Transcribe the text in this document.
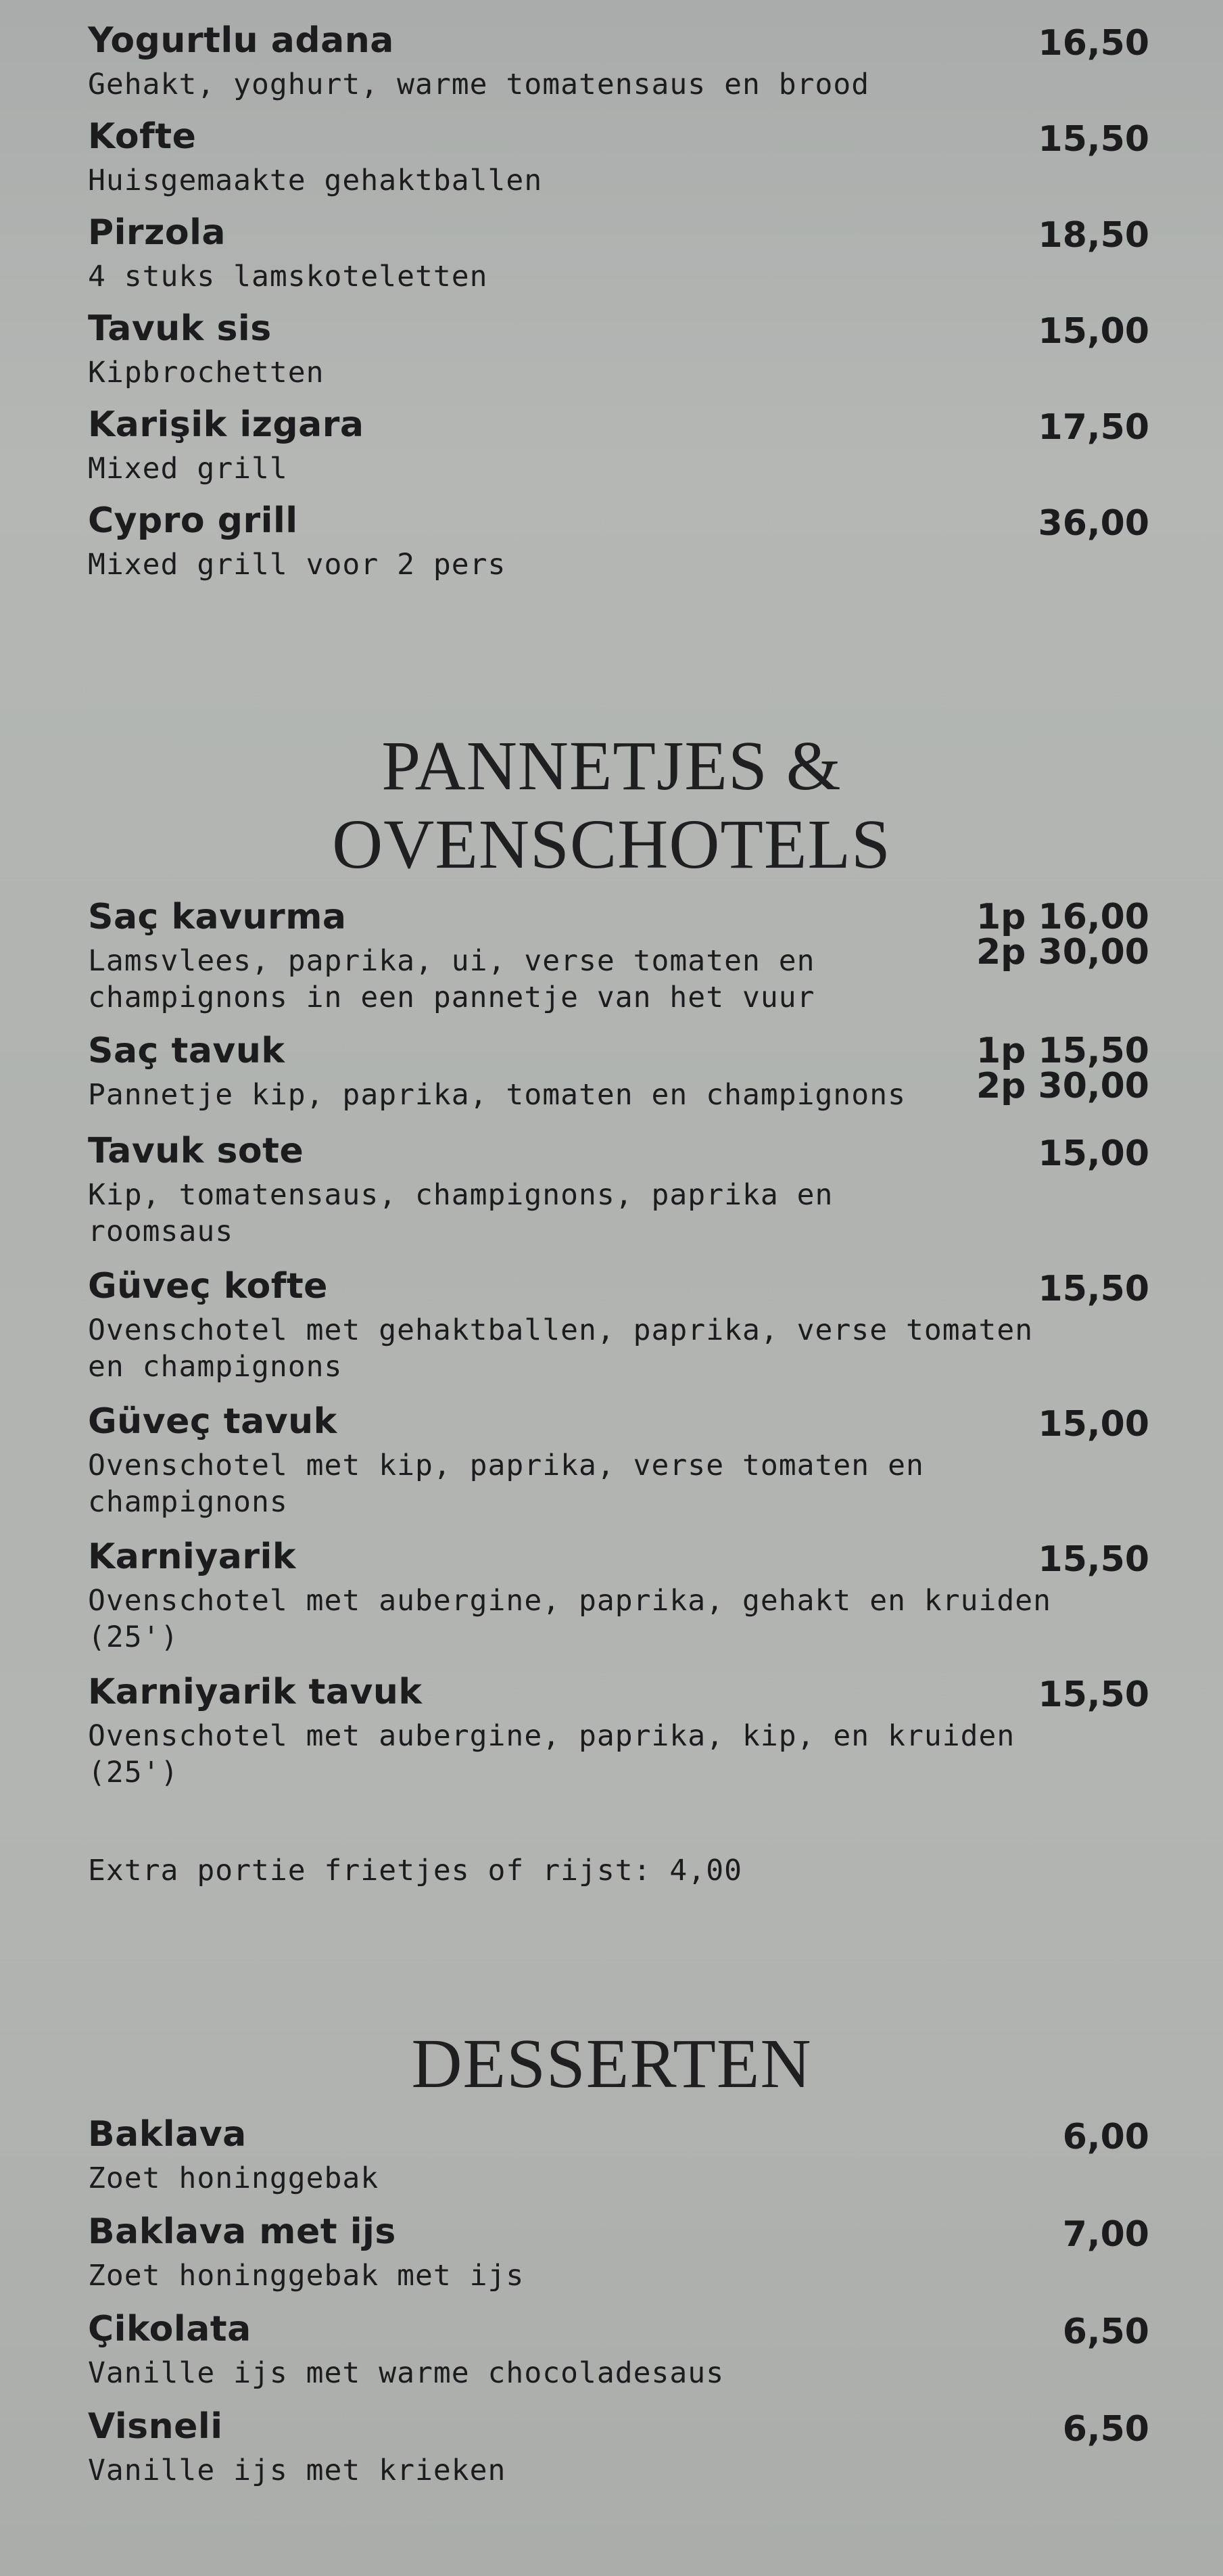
Yogurtlu adana
Gehakt, yoghurt, warme tomatensaus en brood
16,50
Kofte
Huisgemaakte gehaktballen
15,50
Pirzola
4 stuks lamskoteletten
18,50
Tavuk sis
Kipbrochetten
15,00
Karişik izgara
Mixed grill
17,50
Cypro grill
Mixed grill voor 2 pers
36,00
PANNETJES &
OVENSCHOTELS
Saç kavurma
Lamsvlees, paprika, ui, verse tomaten en
champignons in een pannetje van het vuur
1p 16,00
2p 30,00
Saç tavuk
Pannetje kip, paprika, tomaten en champignons
1p 15,50
2p 30,00
Tavuk sote
Kip, tomatensaus, champignons, paprika en
roomsaus
15,00
Güveç kofte
Ovenschotel met gehaktballen, paprika, verse tomaten
en champignons
15,50
Güveç tavuk
Ovenschotel met kip, paprika, verse tomaten en
champignons
15,00
Karniyarik
Ovenschotel met aubergine, paprika, gehakt en kruiden
(25')
15,50
Karniyarik tavuk
Ovenschotel met aubergine, paprika, kip, en kruiden
(25')
15,50
Extra portie frietjes of rijst: 4,00
DESSERTEN
Baklava
Zoet honinggebak
6,00
Baklava met ijs
Zoet honinggebak met ijs
7,00
Çikolata
Vanille ijs met warme chocoladesaus
6,50
Visneli
Vanille ijs met krieken
6,50
